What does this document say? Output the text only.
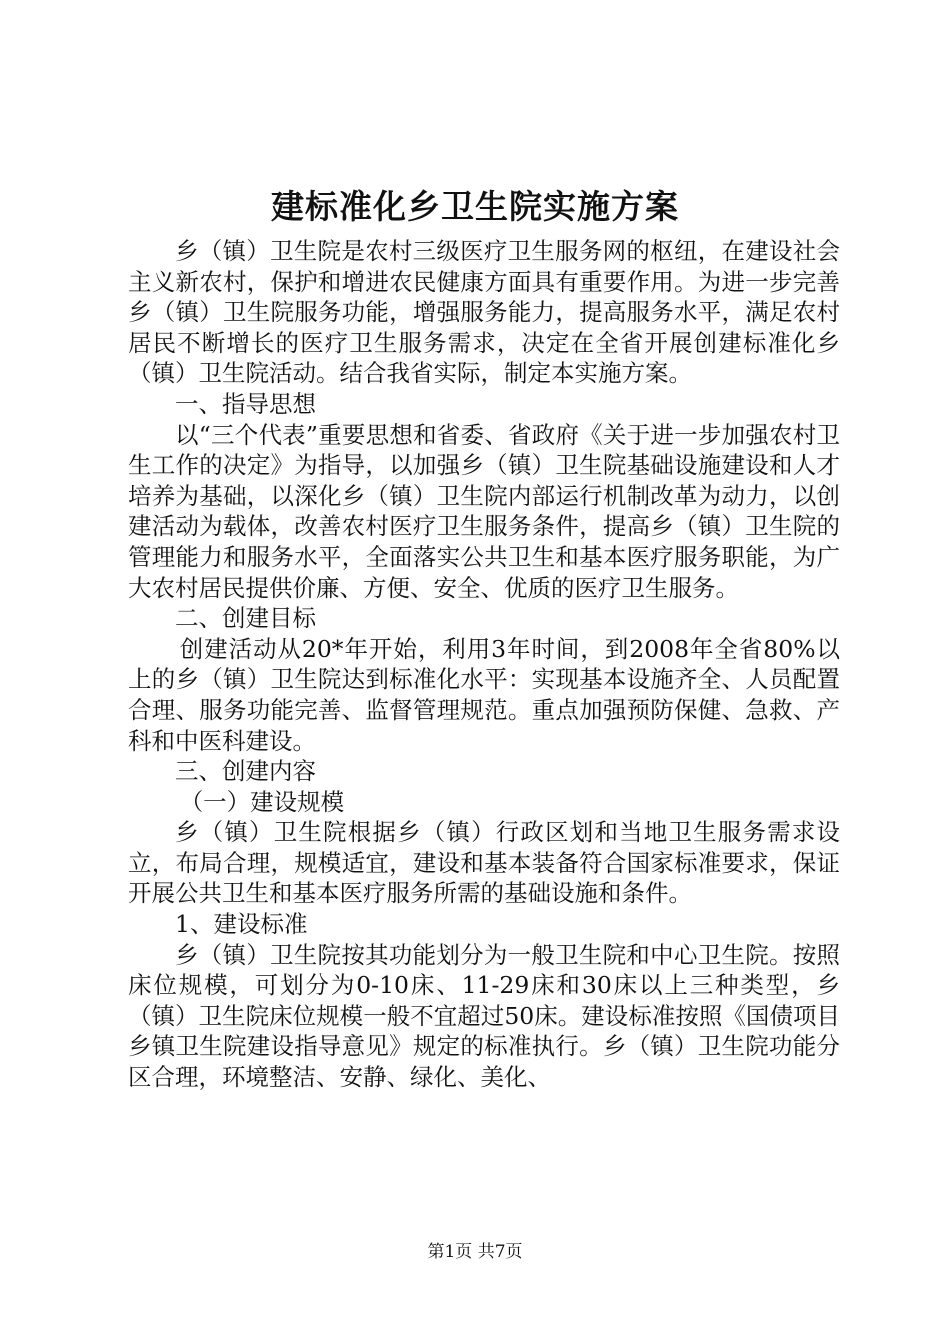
建标准化乡卫生院实施方案

乡（镇）卫生院是农村三级医疗卫生服务网的枢纽，在建设社会主义新农村，保护和增进农民健康方面具有重要作用。为进一步完善乡（镇）卫生院服务功能，增强服务能力，提高服务水平，满足农村居民不断增长的医疗卫生服务需求，决定在全省开展创建标准化乡（镇）卫生院活动。结合我省实际，制定本实施方案。

一、指导思想

以“三个代表”重要思想和省委、省政府《关于进一步加强农村卫生工作的决定》为指导，以加强乡（镇）卫生院基础设施建设和人才培养为基础，以深化乡（镇）卫生院内部运行机制改革为动力，以创建活动为载体，改善农村医疗卫生服务条件，提高乡（镇）卫生院的管理能力和服务水平，全面落实公共卫生和基本医疗服务职能，为广大农村居民提供价廉、方便、安全、优质的医疗卫生服务。

二、创建目标

创建活动从20*年开始，利用3年时间，到2008年全省80%以上的乡（镇）卫生院达到标准化水平：实现基本设施齐全、人员配置合理、服务功能完善、监督管理规范。重点加强预防保健、急救、产科和中医科建设。

三、创建内容

（一）建设规模

乡（镇）卫生院根据乡（镇）行政区划和当地卫生服务需求设立，布局合理，规模适宜，建设和基本装备符合国家标准要求，保证开展公共卫生和基本医疗服务所需的基础设施和条件。

1、建设标准

乡（镇）卫生院按其功能划分为一般卫生院和中心卫生院。按照床位规模，可划分为0-10床、11-29床和30床以上三种类型，乡（镇）卫生院床位规模一般不宜超过50床。建设标准按照《国债项目乡镇卫生院建设指导意见》规定的标准执行。乡（镇）卫生院功能分区合理，环境整洁、安静、绿化、美化、

第1页 共7页
